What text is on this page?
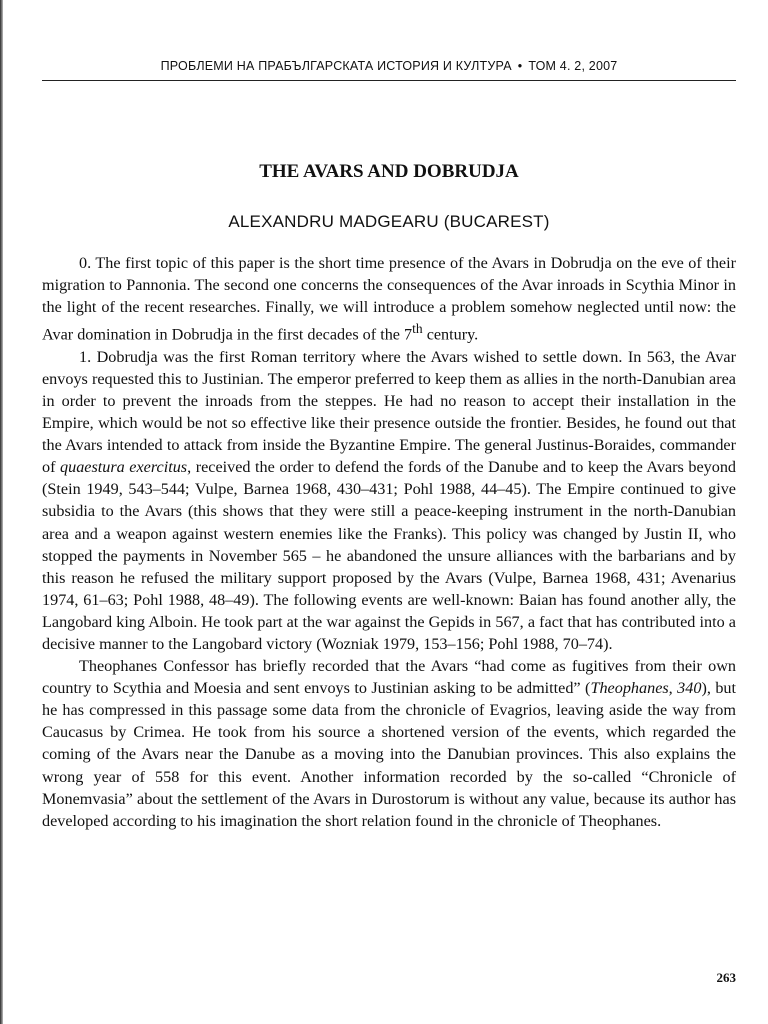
ПРОБЛЕМИ НА ПРАБЪЛГАРСКАТА ИСТОРИЯ И КУЛТУРА • ТОМ 4. 2, 2007
THE AVARS AND DOBRUDJA
ALEXANDRU MADGEARU (BUCAREST)

0. The first topic of this paper is the short time presence of the Avars in Dobrudja on the eve of their migration to Pannonia. The second one concerns the consequences of the Avar inroads in Scythia Minor in the light of the recent researches. Finally, we will introduce a problem somehow neglected until now: the Avar domination in Dobrudja in the first decades of the 7th century.

1. Dobrudja was the first Roman territory where the Avars wished to settle down. In 563, the Avar envoys requested this to Justinian. The emperor preferred to keep them as allies in the north-Danubian area in order to prevent the inroads from the steppes. He had no reason to accept their installation in the Empire, which would be not so effective like their presence outside the frontier. Besides, he found out that the Avars intended to attack from inside the Byzantine Empire. The general Justinus-Boraides, commander of quaestura exercitus, received the order to defend the fords of the Danube and to keep the Avars beyond (Stein 1949, 543–544; Vulpe, Barnea 1968, 430–431; Pohl 1988, 44–45). The Empire continued to give subsidia to the Avars (this shows that they were still a peace-keeping instrument in the north-Danubian area and a weapon against western enemies like the Franks). This policy was changed by Justin II, who stopped the payments in November 565 – he abandoned the unsure alliances with the barbarians and by this reason he refused the military support proposed by the Avars (Vulpe, Barnea 1968, 431; Avenarius 1974, 61–63; Pohl 1988, 48–49). The following events are well-known: Baian has found another ally, the Langobard king Alboin. He took part at the war against the Gepids in 567, a fact that has contributed into a decisive manner to the Langobard victory (Wozniak 1979, 153–156; Pohl 1988, 70–74).

Theophanes Confessor has briefly recorded that the Avars “had come as fugitives from their own country to Scythia and Moesia and sent envoys to Justinian asking to be admitted” (Theophanes, 340), but he has compressed in this passage some data from the chronicle of Evagrios, leaving aside the way from Caucasus by Crimea. He took from his source a shortened version of the events, which regarded the coming of the Avars near the Danube as a moving into the Danubian provinces. This also explains the wrong year of 558 for this event. Another information recorded by the so-called “Chronicle of Monemvasia” about the settlement of the Avars in Durostorum is without any value, because its author has developed according to his imagination the short relation found in the chronicle of Theophanes.

263
